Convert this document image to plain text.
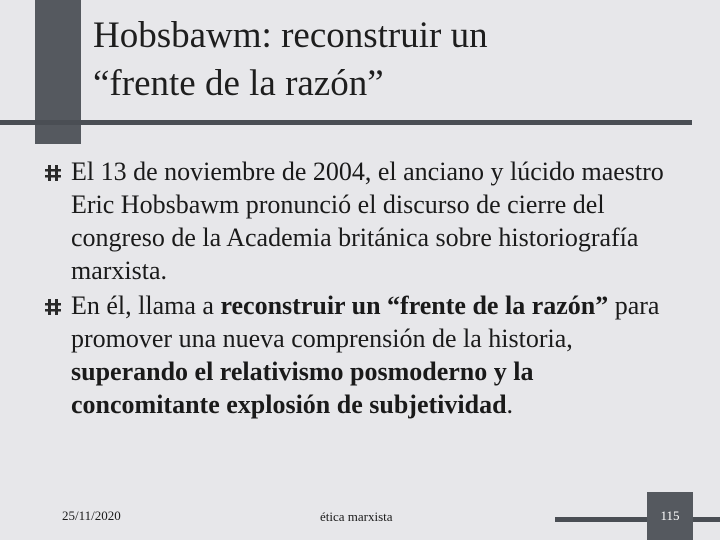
Hobsbawm: reconstruir un
“frente de la razón”
El 13 de noviembre de 2004, el anciano y lúcido maestro Eric Hobsbawm pronunció el discurso de cierre del congreso de la Academia británica sobre historiografía marxista.
En él, llama a reconstruir un “frente de la razón” para promover una nueva comprensión de la historia, superando el relativismo posmoderno y la concomitante explosión de subjetividad.
25/11/2020	ética marxista	115
